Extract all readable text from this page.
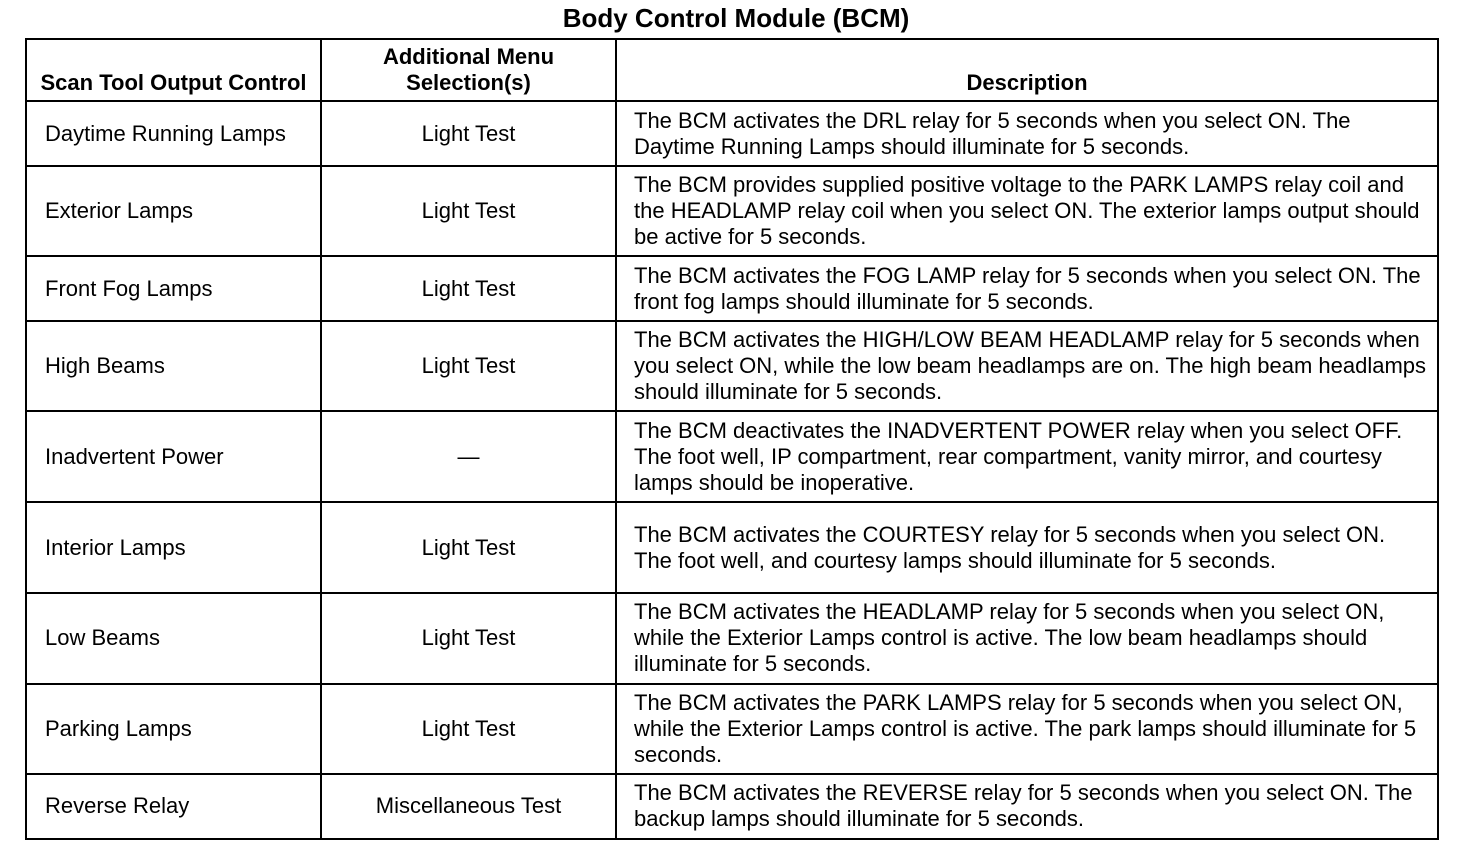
Body Control Module (BCM)
Scan Tool Output Control	Additional Menu Selection(s)	Description
Daytime Running Lamps	Light Test	The BCM activates the DRL relay for 5 seconds when you select ON. The Daytime Running Lamps should illuminate for 5 seconds.
Exterior Lamps	Light Test	The BCM provides supplied positive voltage to the PARK LAMPS relay coil and the HEADLAMP relay coil when you select ON. The exterior lamps output should be active for 5 seconds.
Front Fog Lamps	Light Test	The BCM activates the FOG LAMP relay for 5 seconds when you select ON. The front fog lamps should illuminate for 5 seconds.
High Beams	Light Test	The BCM activates the HIGH/LOW BEAM HEADLAMP relay for 5 seconds when you select ON, while the low beam headlamps are on. The high beam headlamps should illuminate for 5 seconds.
Inadvertent Power	—	The BCM deactivates the INADVERTENT POWER relay when you select OFF. The foot well, IP compartment, rear compartment, vanity mirror, and courtesy lamps should be inoperative.
Interior Lamps	Light Test	The BCM activates the COURTESY relay for 5 seconds when you select ON. The foot well, and courtesy lamps should illuminate for 5 seconds.
Low Beams	Light Test	The BCM activates the HEADLAMP relay for 5 seconds when you select ON, while the Exterior Lamps control is active. The low beam headlamps should illuminate for 5 seconds.
Parking Lamps	Light Test	The BCM activates the PARK LAMPS relay for 5 seconds when you select ON, while the Exterior Lamps control is active. The park lamps should illuminate for 5 seconds.
Reverse Relay	Miscellaneous Test	The BCM activates the REVERSE relay for 5 seconds when you select ON. The backup lamps should illuminate for 5 seconds.
